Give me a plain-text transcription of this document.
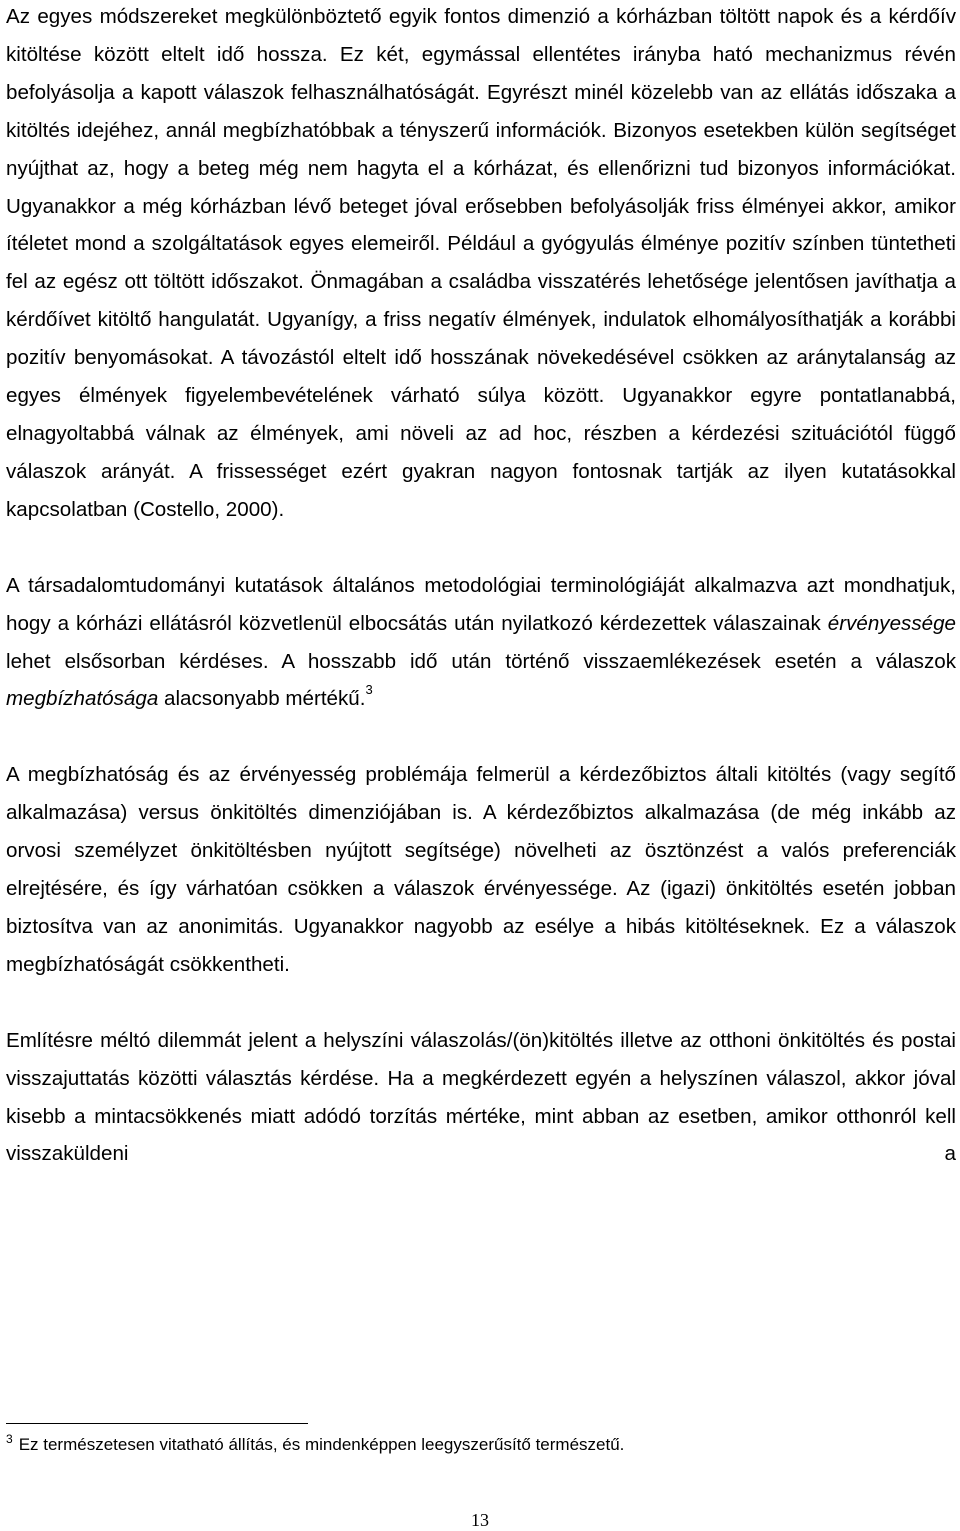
Az egyes módszereket megkülönböztető egyik fontos dimenzió a kórházban töltött napok és a kérdőív kitöltése között eltelt idő hossza. Ez két, egymással ellentétes irányba ható mechanizmus révén befolyásolja a kapott válaszok felhasználhatóságát. Egyrészt minél közelebb van az ellátás időszaka a kitöltés idejéhez, annál megbízhatóbbak a tényszerű információk. Bizonyos esetekben külön segítséget nyújthat az, hogy a beteg még nem hagyta el a kórházat, és ellenőrizni tud bizonyos információkat. Ugyanakkor a még kórházban lévő beteget jóval erősebben befolyásolják friss élményei akkor, amikor ítéletet mond a szolgáltatások egyes elemeiről. Például a gyógyulás élménye pozitív színben tüntetheti fel az egész ott töltött időszakot. Önmagában a családba visszatérés lehetősége jelentősen javíthatja a kérdőívet kitöltő hangulatát. Ugyanígy, a friss negatív élmények, indulatok elhomályosíthatják a korábbi pozitív benyomásokat. A távozástól eltelt idő hosszának növekedésével csökken az aránytalanság az egyes élmények figyelembevételének várható súlya között. Ugyanakkor egyre pontatlanabbá, elnagyoltabbá válnak az élmények, ami növeli az ad hoc, részben a kérdezési szituációtól függő válaszok arányát. A frissességet ezért gyakran nagyon fontosnak tartják az ilyen kutatásokkal kapcsolatban (Costello, 2000).

A társadalomtudományi kutatások általános metodológiai terminológiáját alkalmazva azt mondhatjuk, hogy a kórházi ellátásról közvetlenül elbocsátás után nyilatkozó kérdezettek válaszainak érvényessége lehet elsősorban kérdéses. A hosszabb idő után történő visszaemlékezések esetén a válaszok megbízhatósága alacsonyabb mértékű.$^3$

A megbízhatóság és az érvényesség problémája felmerül a kérdezőbiztos általi kitöltés (vagy segítő alkalmazása) versus önkitöltés dimenziójában is. A kérdezőbiztos alkalmazása (de még inkább az orvosi személyzet önkitöltésben nyújtott segítsége) növelheti az ösztönzést a valós preferenciák elrejtésére, és így várhatóan csökken a válaszok érvényessége. Az (igazi) önkitöltés esetén jobban biztosítva van az anonimitás. Ugyanakkor nagyobb az esélye a hibás kitöltéseknek. Ez a válaszok megbízhatóságát csökkentheti.

Említésre méltó dilemmát jelent a helyszíni válaszolás/(ön)kitöltés illetve az otthoni önkitöltés és postai visszajuttatás közötti választás kérdése. Ha a megkérdezett egyén a helyszínen válaszol, akkor jóval kisebb a mintacsökkenés miatt adódó torzítás mértéke, mint abban az esetben, amikor otthonról kell visszaküldeni a

$^3$ Ez természetesen vitatható állítás, és mindenképpen leegyszerűsítő természetű.
13
